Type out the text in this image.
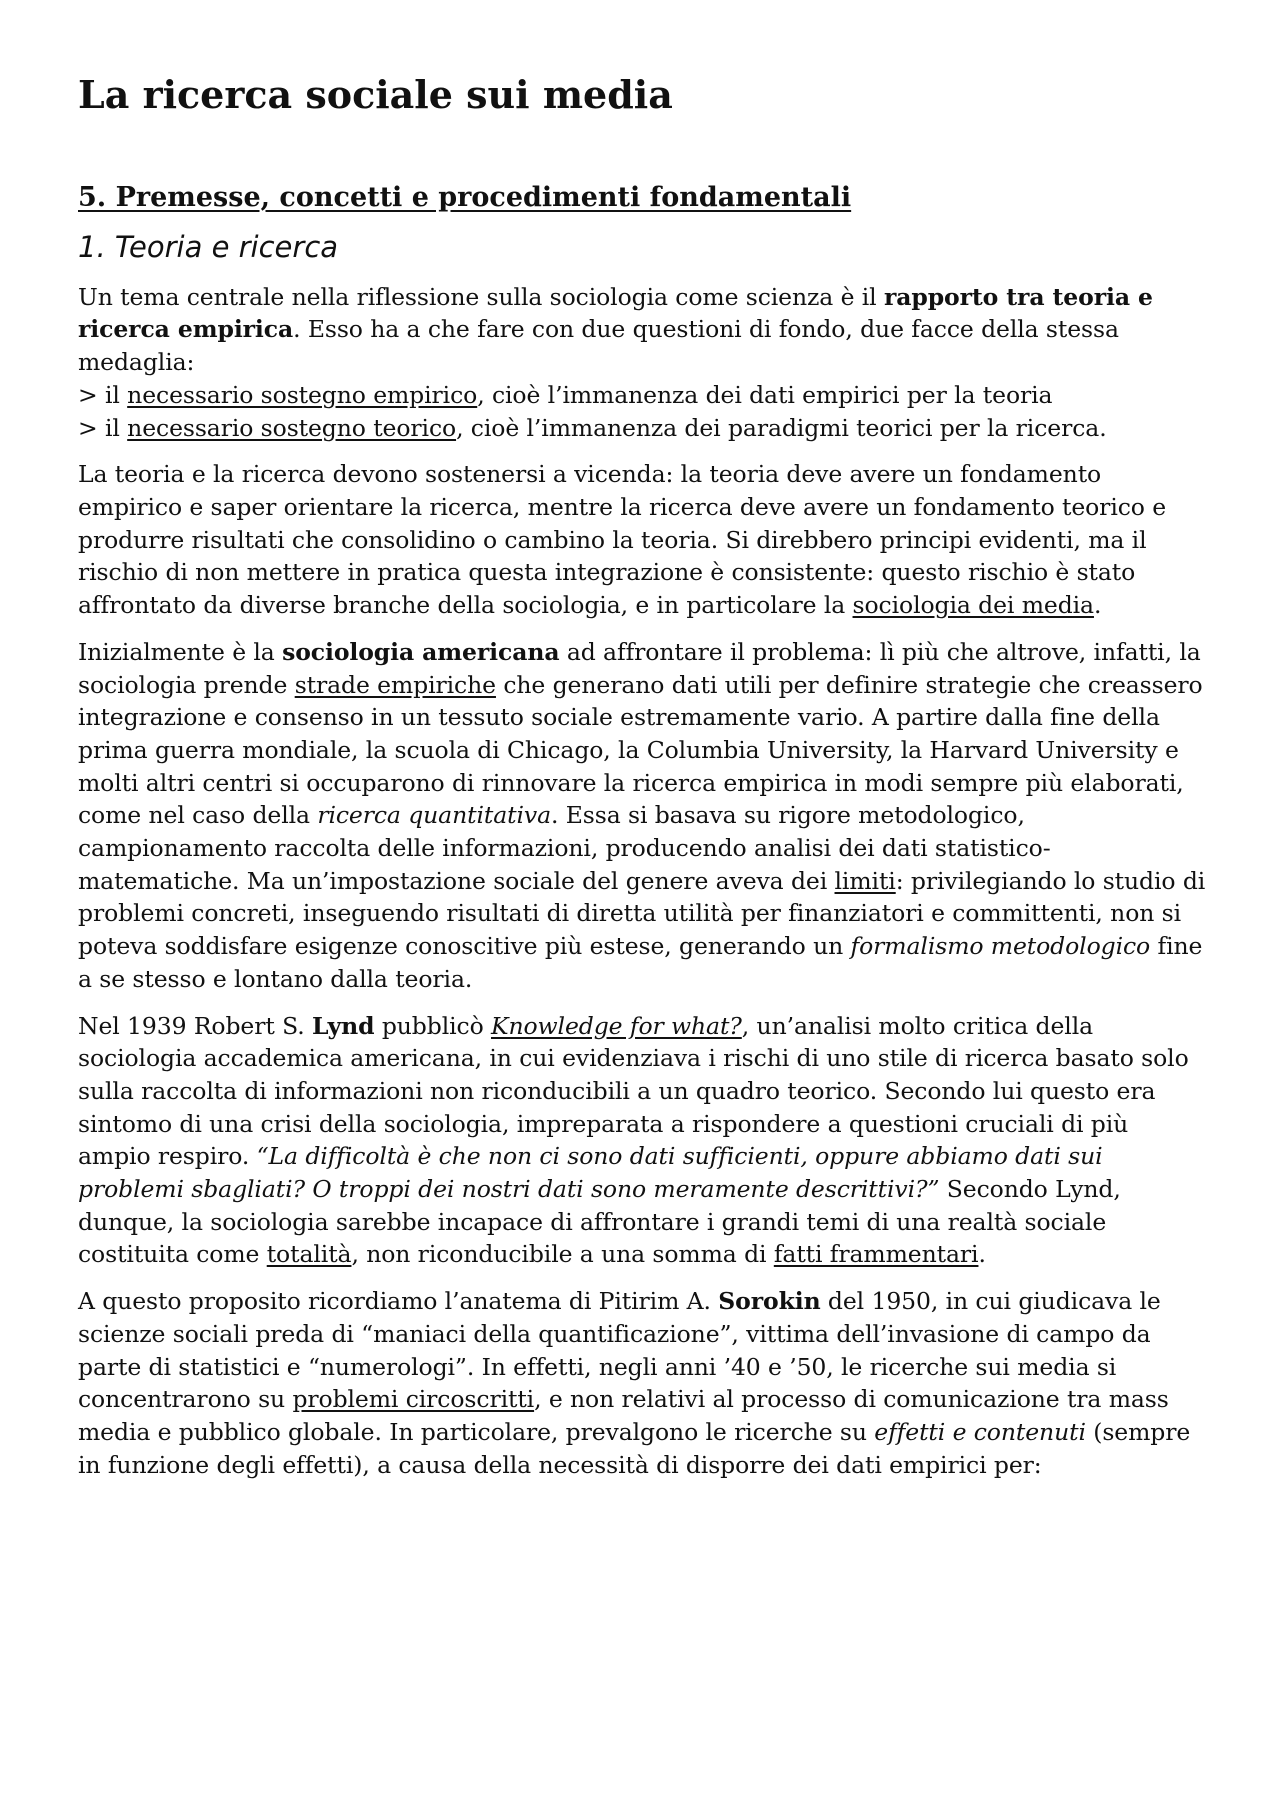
La ricerca sociale sui media
5. Premesse, concetti e procedimenti fondamentali
1. Teoria e ricerca

Un tema centrale nella riflessione sulla sociologia come scienza è il rapporto tra teoria e ricerca empirica. Esso ha a che fare con due questioni di fondo, due facce della stessa medaglia:
> il necessario sostegno empirico, cioè l’immanenza dei dati empirici per la teoria
> il necessario sostegno teorico, cioè l’immanenza dei paradigmi teorici per la ricerca.

La teoria e la ricerca devono sostenersi a vicenda: la teoria deve avere un fondamento empirico e saper orientare la ricerca, mentre la ricerca deve avere un fondamento teorico e produrre risultati che consolidino o cambino la teoria. Si direbbero principi evidenti, ma il rischio di non mettere in pratica questa integrazione è consistente: questo rischio è stato affrontato da diverse branche della sociologia, e in particolare la sociologia dei media.

Inizialmente è la sociologia americana ad affrontare il problema: lì più che altrove, infatti, la sociologia prende strade empiriche che generano dati utili per definire strategie che creassero integrazione e consenso in un tessuto sociale estremamente vario. A partire dalla fine della prima guerra mondiale, la scuola di Chicago, la Columbia University, la Harvard University e molti altri centri si occuparono di rinnovare la ricerca empirica in modi sempre più elaborati, come nel caso della ricerca quantitativa. Essa si basava su rigore metodologico, campionamento raccolta delle informazioni, producendo analisi dei dati statistico-matematiche. Ma un’impostazione sociale del genere aveva dei limiti: privilegiando lo studio di problemi concreti, inseguendo risultati di diretta utilità per finanziatori e committenti, non si poteva soddisfare esigenze conoscitive più estese, generando un formalismo metodologico fine a se stesso e lontano dalla teoria.

Nel 1939 Robert S. Lynd pubblicò Knowledge for what?, un’analisi molto critica della sociologia accademica americana, in cui evidenziava i rischi di uno stile di ricerca basato solo sulla raccolta di informazioni non riconducibili a un quadro teorico. Secondo lui questo era sintomo di una crisi della sociologia, impreparata a rispondere a questioni cruciali di più ampio respiro. “La difficoltà è che non ci sono dati sufficienti, oppure abbiamo dati sui problemi sbagliati? O troppi dei nostri dati sono meramente descrittivi?” Secondo Lynd, dunque, la sociologia sarebbe incapace di affrontare i grandi temi di una realtà sociale costituita come totalità, non riconducibile a una somma di fatti frammentari.

A questo proposito ricordiamo l’anatema di Pitirim A. Sorokin del 1950, in cui giudicava le scienze sociali preda di “maniaci della quantificazione”, vittima dell’invasione di campo da parte di statistici e “numerologi”. In effetti, negli anni ’40 e ’50, le ricerche sui media si concentrarono su problemi circoscritti, e non relativi al processo di comunicazione tra mass media e pubblico globale. In particolare, prevalgono le ricerche su effetti e contenuti (sempre in funzione degli effetti), a causa della necessità di disporre dei dati empirici per:
